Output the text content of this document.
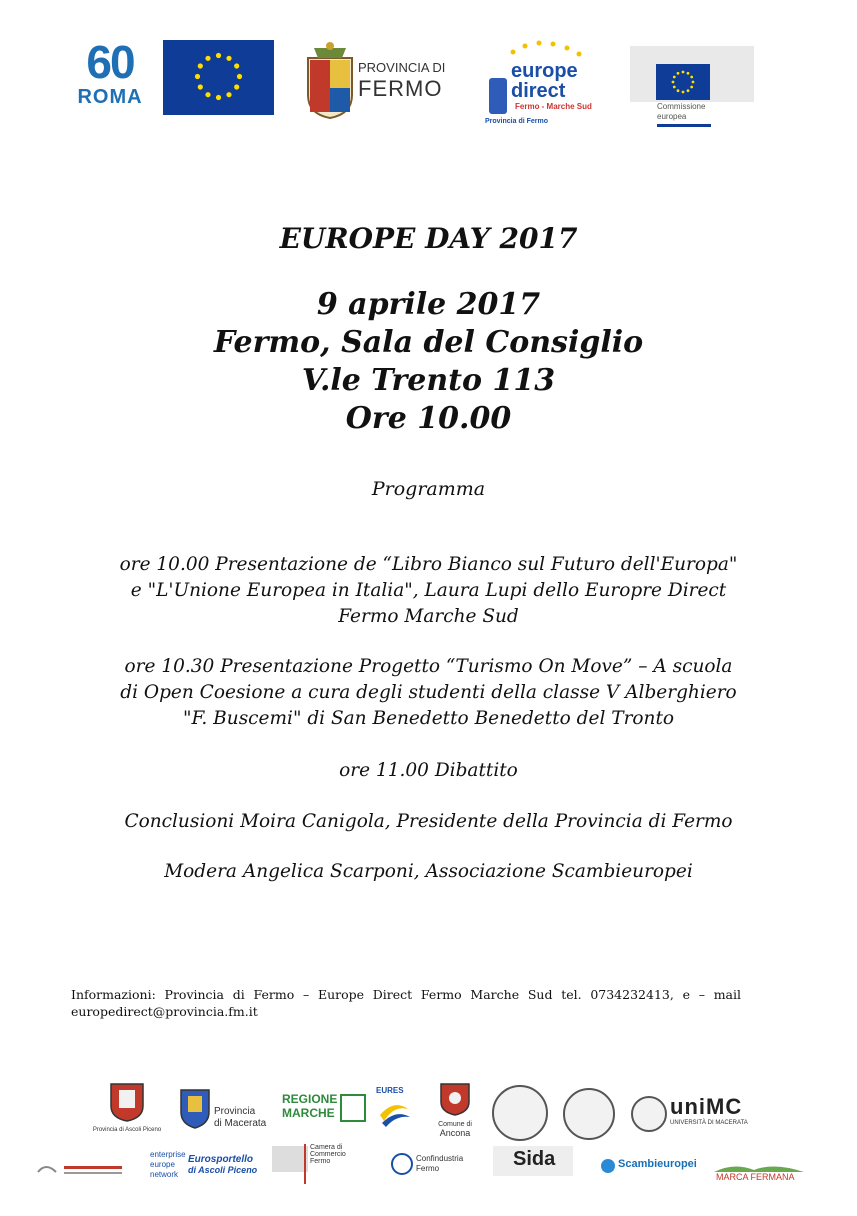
60
ROMA
PROVINCIA DI
FERMO
europe
direct
Fermo - Marche Sud
Provincia di Fermo
Commissione
europea
EUROPE DAY 2017
9 aprile 2017
Fermo, Sala del Consiglio
V.le Trento 113
Ore 10.00
Programma
ore 10.00 Presentazione de “Libro Bianco sul Futuro dell'Europa"
e "L'Unione Europea in Italia", Laura Lupi dello Europre Direct
Fermo Marche Sud
ore 10.30 Presentazione Progetto “Turismo On Move” – A scuola
di Open Coesione a cura degli studenti della classe V Alberghiero
"F. Buscemi" di San Benedetto Benedetto del Tronto
ore 11.00 Dibattito
Conclusioni Moira Canigola, Presidente della Provincia di Fermo
Modera Angelica Scarponi, Associazione Scambieuropei
Informazioni: Provincia di Fermo – Europe Direct Fermo Marche Sud tel. 0734232413, e – mail
europedirect@provincia.fm.it
Provincia di Ascoli Piceno
Provincia
di Macerata
REGIONE
MARCHE
EURES
Comune di
Ancona
uniMC
UNIVERSITÀ DI MACERATA
enterprise
europe
network
Eurosportello
di Ascoli Piceno
Camera di Commercio
Fermo	Confindustria
Fermo	Sida	Scambieuropei
MARCA FERMANA
